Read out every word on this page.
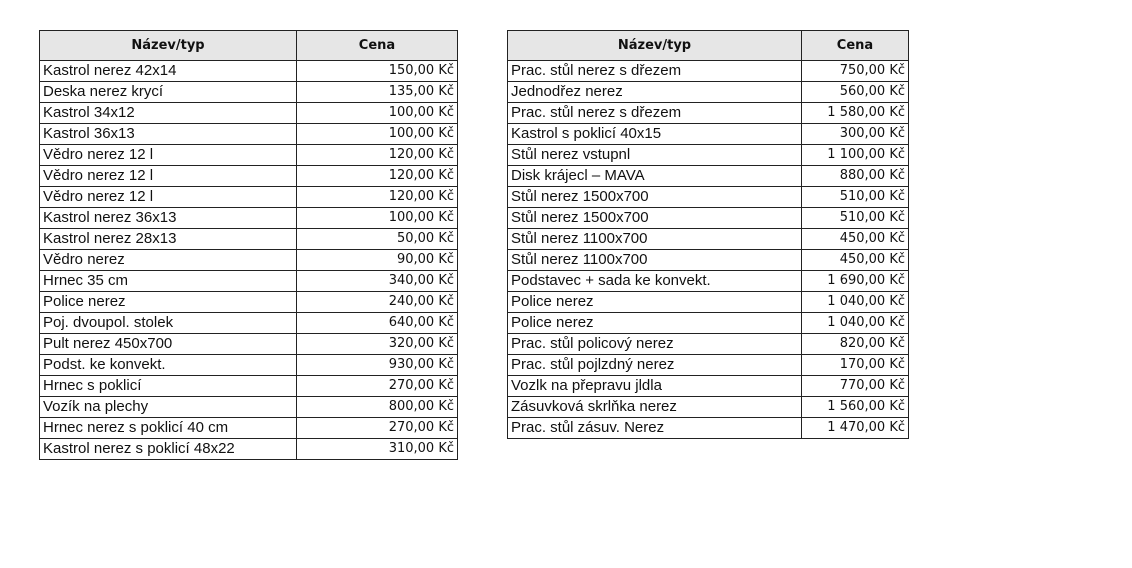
Název/typ	Cena
Kastrol nerez 42x14	150,00 Kč
Deska nerez krycí	135,00 Kč
Kastrol 34x12	100,00 Kč
Kastrol 36x13	100,00 Kč
Vědro nerez 12 l	120,00 Kč
Vědro nerez 12 l	120,00 Kč
Vědro nerez 12 l	120,00 Kč
Kastrol nerez 36x13	100,00 Kč
Kastrol nerez 28x13	50,00 Kč
Vědro nerez	90,00 Kč
Hrnec 35 cm	340,00 Kč
Police nerez	240,00 Kč
Poj. dvoupol. stolek	640,00 Kč
Pult nerez 450x700	320,00 Kč
Podst. ke konvekt.	930,00 Kč
Hrnec s poklicí	270,00 Kč
Vozík na plechy	800,00 Kč
Hrnec nerez s poklicí 40 cm	270,00 Kč
Kastrol nerez s poklicí 48x22	310,00 Kč
Název/typ	Cena
Prac. stůl nerez s dřezem	750,00 Kč
Jednodřez nerez	560,00 Kč
Prac. stůl nerez s dřezem	1 580,00 Kč
Kastrol s poklicí 40x15	300,00 Kč
Stůl nerez vstupnl	1 100,00 Kč
Disk krájecl – MAVA	880,00 Kč
Stůl nerez 1500x700	510,00 Kč
Stůl nerez 1500x700	510,00 Kč
Stůl nerez 1100x700	450,00 Kč
Stůl nerez 1100x700	450,00 Kč
Podstavec + sada ke konvekt.	1 690,00 Kč
Police nerez	1 040,00 Kč
Police nerez	1 040,00 Kč
Prac. stůl policový nerez	820,00 Kč
Prac. stůl pojlzdný nerez	170,00 Kč
Vozlk na přepravu jldla	770,00 Kč
Zásuvková skrlňka nerez	1 560,00 Kč
Prac. stůl zásuv. Nerez	1 470,00 Kč
